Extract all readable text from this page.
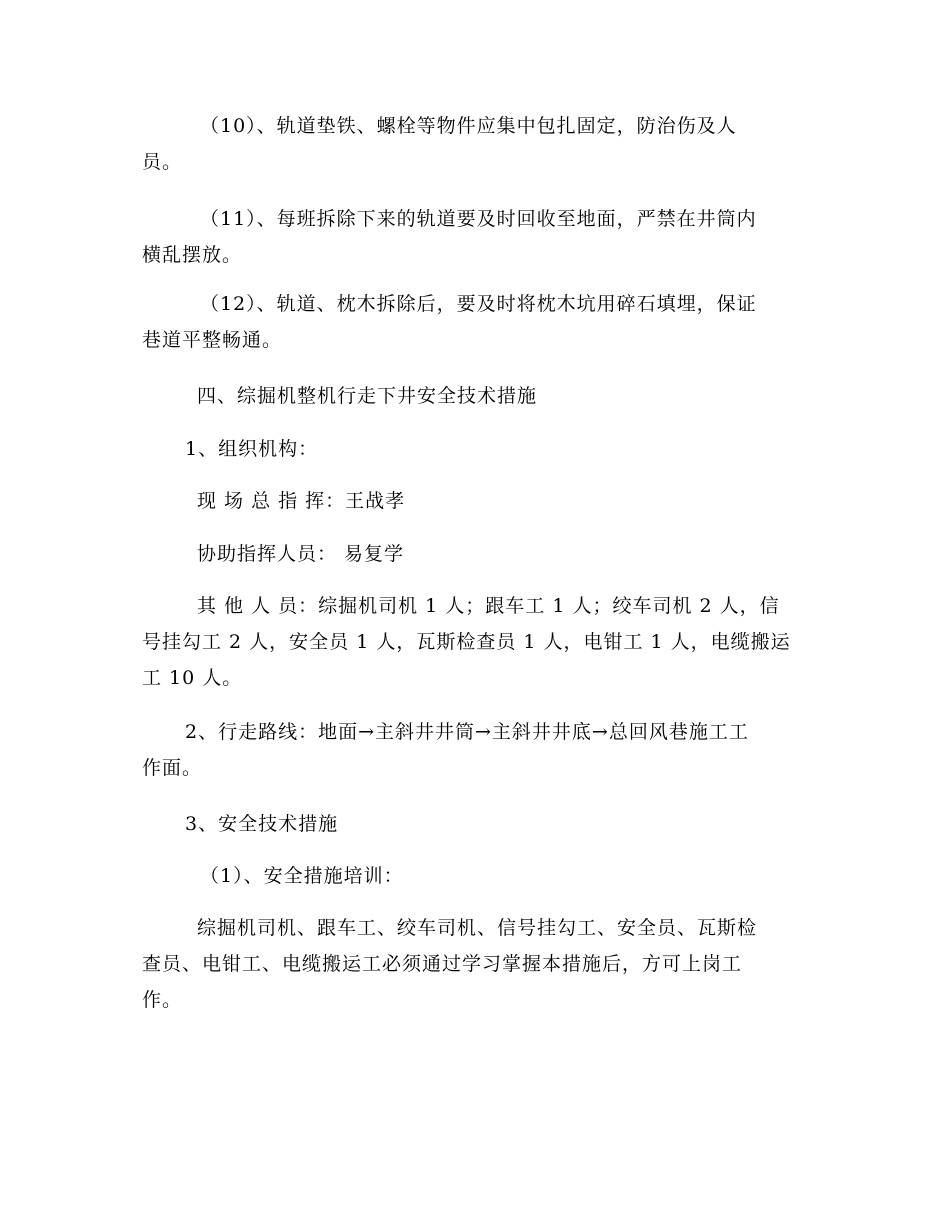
（10）、轨道垫铁、螺栓等物件应集中包扎固定，防治伤及人
员。
（11）、每班拆除下来的轨道要及时回收至地面，严禁在井筒内
横乱摆放。
（12）、轨道、枕木拆除后，要及时将枕木坑用碎石填埋，保证
巷道平整畅通。
四、综掘机整机行走下井安全技术措施
1、组织机构：
现 场 总 指 挥：王战孝
协助指挥人员： 易复学
其 他 人 员：综掘机司机 1 人；跟车工 1 人；绞车司机 2 人，信
号挂勾工 2 人，安全员 1 人，瓦斯检查员 1 人，电钳工 1 人，电缆搬运
工 10 人。
2、行走路线：地面→主斜井井筒→主斜井井底→总回风巷施工工
作面。
3、安全技术措施
（1）、安全措施培训：
综掘机司机、跟车工、绞车司机、信号挂勾工、安全员、瓦斯检
查员、电钳工、电缆搬运工必须通过学习掌握本措施后，方可上岗工
作。
